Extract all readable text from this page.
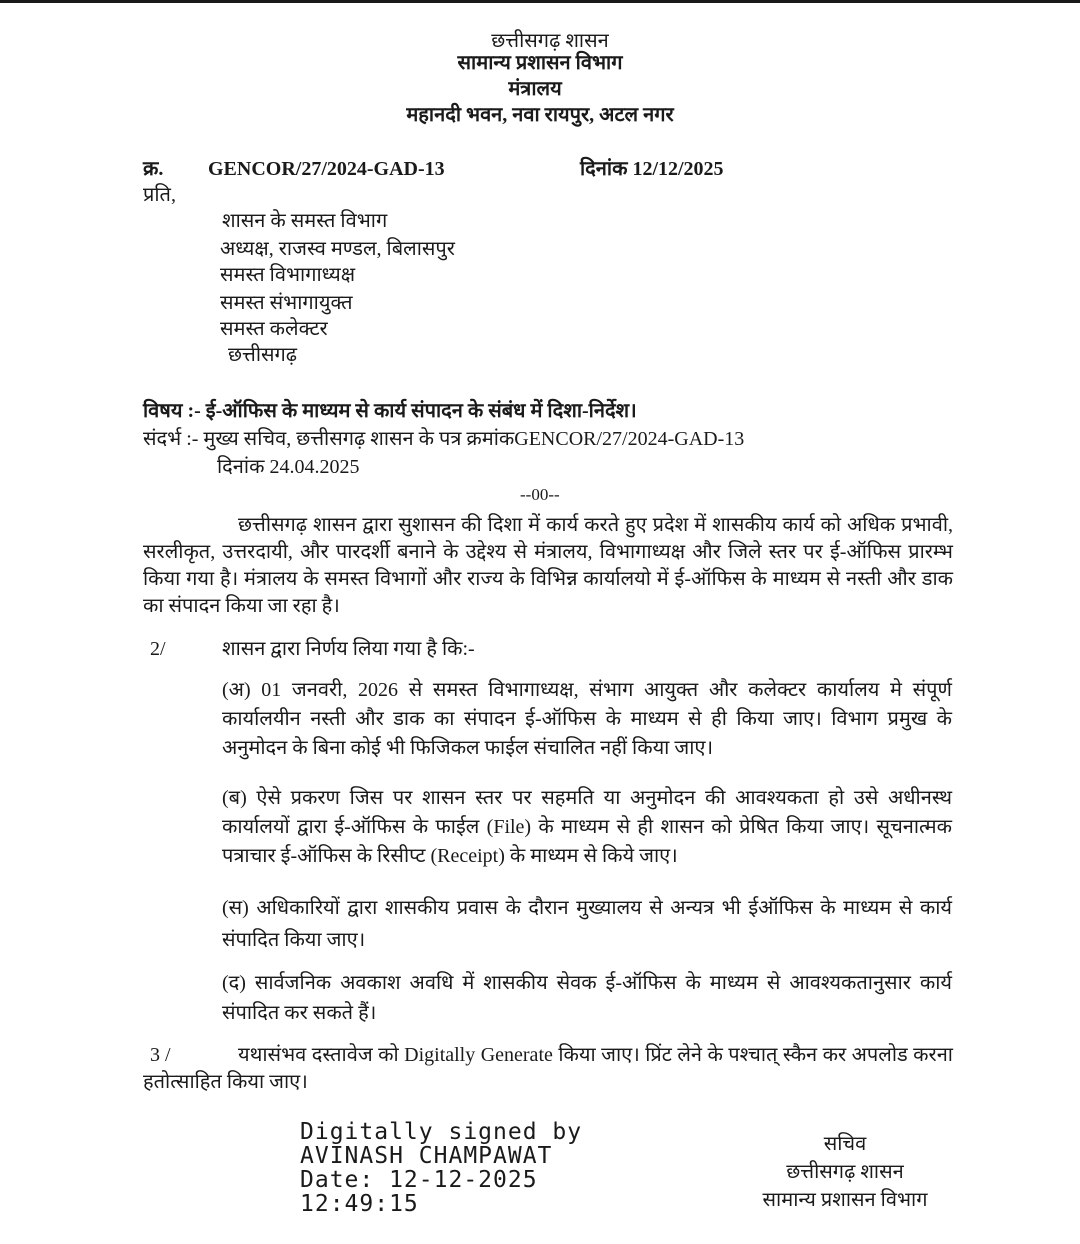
छत्तीसगढ़ शासन
सामान्य प्रशासन विभाग
मंत्रालय
महानदी भवन, नवा रायपुर, अटल नगर
क्र. GENCOR/27/2024-GAD-13	दिनांक 12/12/2025
प्रति,
शासन के समस्त विभाग
अध्यक्ष, राजस्व मण्डल, बिलासपुर
समस्त विभागाध्यक्ष
समस्त संभागायुक्त
समस्त कलेक्टर
छत्तीसगढ़
विषय :- ई-ऑफिस के माध्यम से कार्य संपादन के संबंध में दिशा-निर्देश।
संदर्भ :- मुख्य सचिव, छत्तीसगढ़ शासन के पत्र क्रमांकGENCOR/27/2024-GAD-13
दिनांक 24.04.2025
--00--
छत्तीसगढ़ शासन द्वारा सुशासन की दिशा में कार्य करते हुए प्रदेश में शासकीय कार्य को अधिक प्रभावी, सरलीकृत, उत्तरदायी, और पारदर्शी बनाने के उद्देश्य से मंत्रालय, विभागाध्यक्ष और जिले स्तर पर ई-ऑफिस प्रारम्भ किया गया है। मंत्रालय के समस्त विभागों और राज्य के विभिन्न कार्यालयो में ई-ऑफिस के माध्यम से नस्ती और डाक का संपादन किया जा रहा है।
2/	शासन द्वारा निर्णय लिया गया है कि:-
(अ) 01 जनवरी, 2026 से समस्त विभागाध्यक्ष, संभाग आयुक्त और कलेक्टर कार्यालय मे संपूर्ण कार्यालयीन नस्ती और डाक का संपादन ई-ऑफिस के माध्यम से ही किया जाए। विभाग प्रमुख के अनुमोदन के बिना कोई भी फिजिकल फाईल संचालित नहीं किया जाए।
(ब) ऐसे प्रकरण जिस पर शासन स्तर पर सहमति या अनुमोदन की आवश्यकता हो उसे अधीनस्थ कार्यालयों द्वारा ई-ऑफिस के फाईल (File) के माध्यम से ही शासन को प्रेषित किया जाए। सूचनात्मक पत्राचार ई-ऑफिस के रिसीप्ट (Receipt) के माध्यम से किये जाए।
(स) अधिकारियों द्वारा शासकीय प्रवास के दौरान मुख्यालय से अन्यत्र भी ईऑफिस के माध्यम से कार्य संपादित किया जाए।
(द) सार्वजनिक अवकाश अवधि में शासकीय सेवक ई-ऑफिस के माध्यम से आवश्यकतानुसार कार्य संपादित कर सकते हैं।
3 /	यथासंभव दस्तावेज को Digitally Generate किया जाए। प्रिंट लेने के पश्चात् स्कैन कर अपलोड करना हतोत्साहित किया जाए।
Digitally signed by
AVINASH CHAMPAWAT
Date: 12-12-2025
12:49:15
सचिव
छत्तीसगढ़ शासन
सामान्य प्रशासन विभाग
